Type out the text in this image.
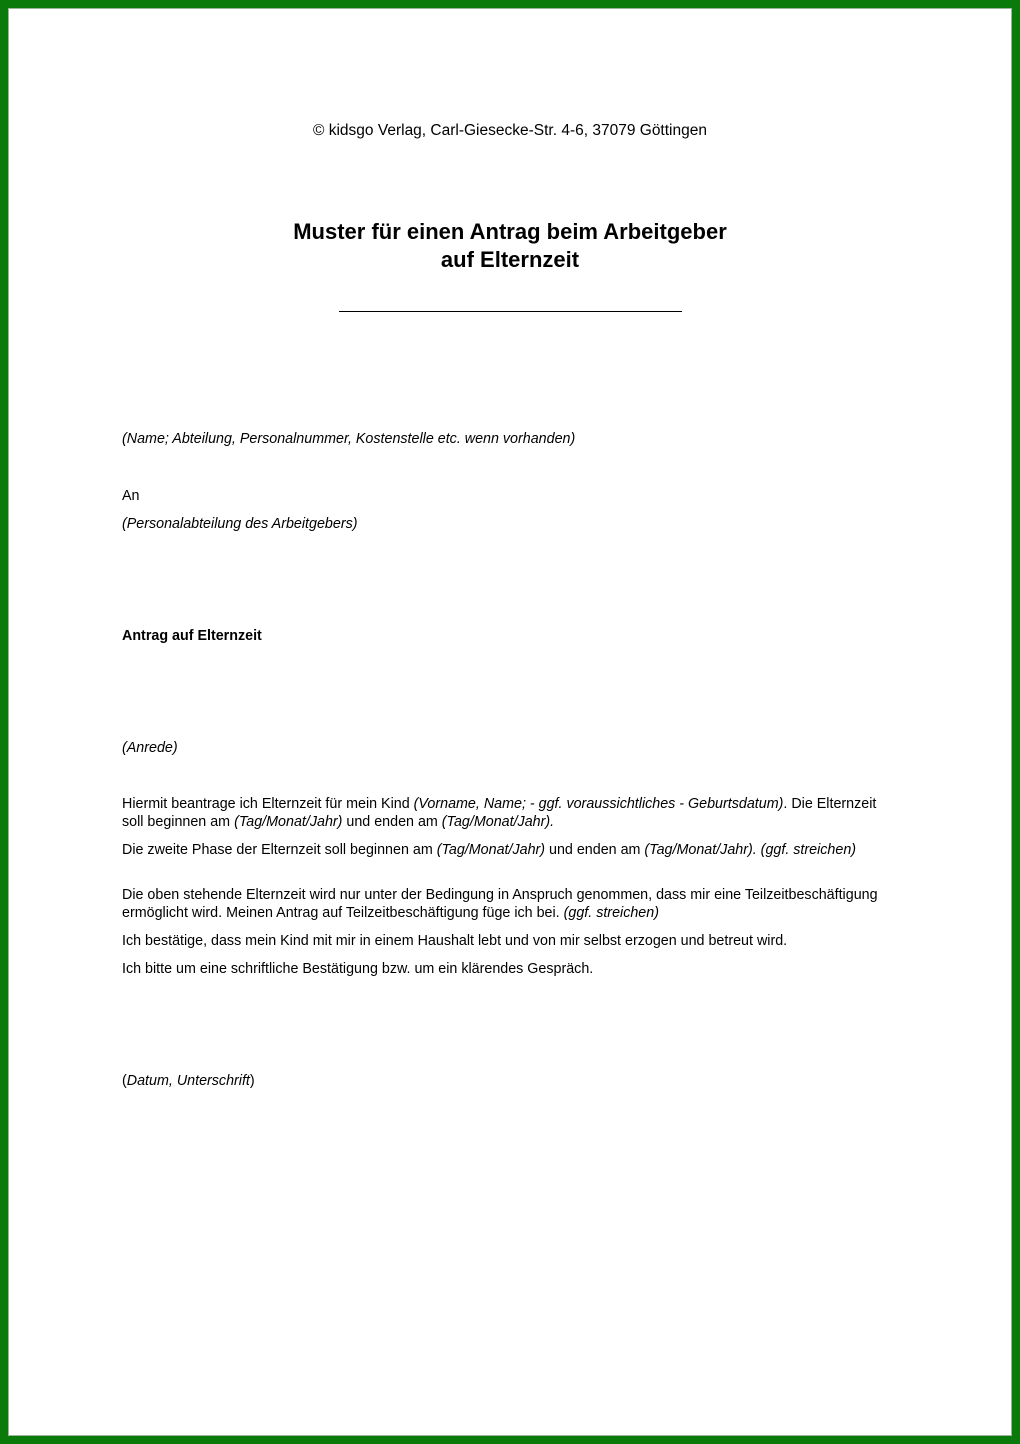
© kidsgo Verlag, Carl-Giesecke-Str. 4-6, 37079 Göttingen
Muster für einen Antrag beim Arbeitgeber
auf Elternzeit
(Name; Abteilung, Personalnummer, Kostenstelle etc. wenn vorhanden)
An
(Personalabteilung des Arbeitgebers)
Antrag auf Elternzeit
(Anrede)
Hiermit beantrage ich Elternzeit für mein Kind (Vorname, Name; - ggf. voraussichtliches - Geburtsdatum). Die Elternzeit soll beginnen am (Tag/Monat/Jahr) und enden am (Tag/Monat/Jahr).
Die zweite Phase der Elternzeit soll beginnen am (Tag/Monat/Jahr) und enden am (Tag/Monat/Jahr). (ggf. streichen)
Die oben stehende Elternzeit wird nur unter der Bedingung in Anspruch genommen, dass mir eine Teilzeitbeschäftigung ermöglicht wird. Meinen Antrag auf Teilzeitbeschäftigung füge ich bei. (ggf. streichen)
Ich bestätige, dass mein Kind mit mir in einem Haushalt lebt und von mir selbst erzogen und betreut wird.
Ich bitte um eine schriftliche Bestätigung bzw. um ein klärendes Gespräch.
(Datum, Unterschrift)
